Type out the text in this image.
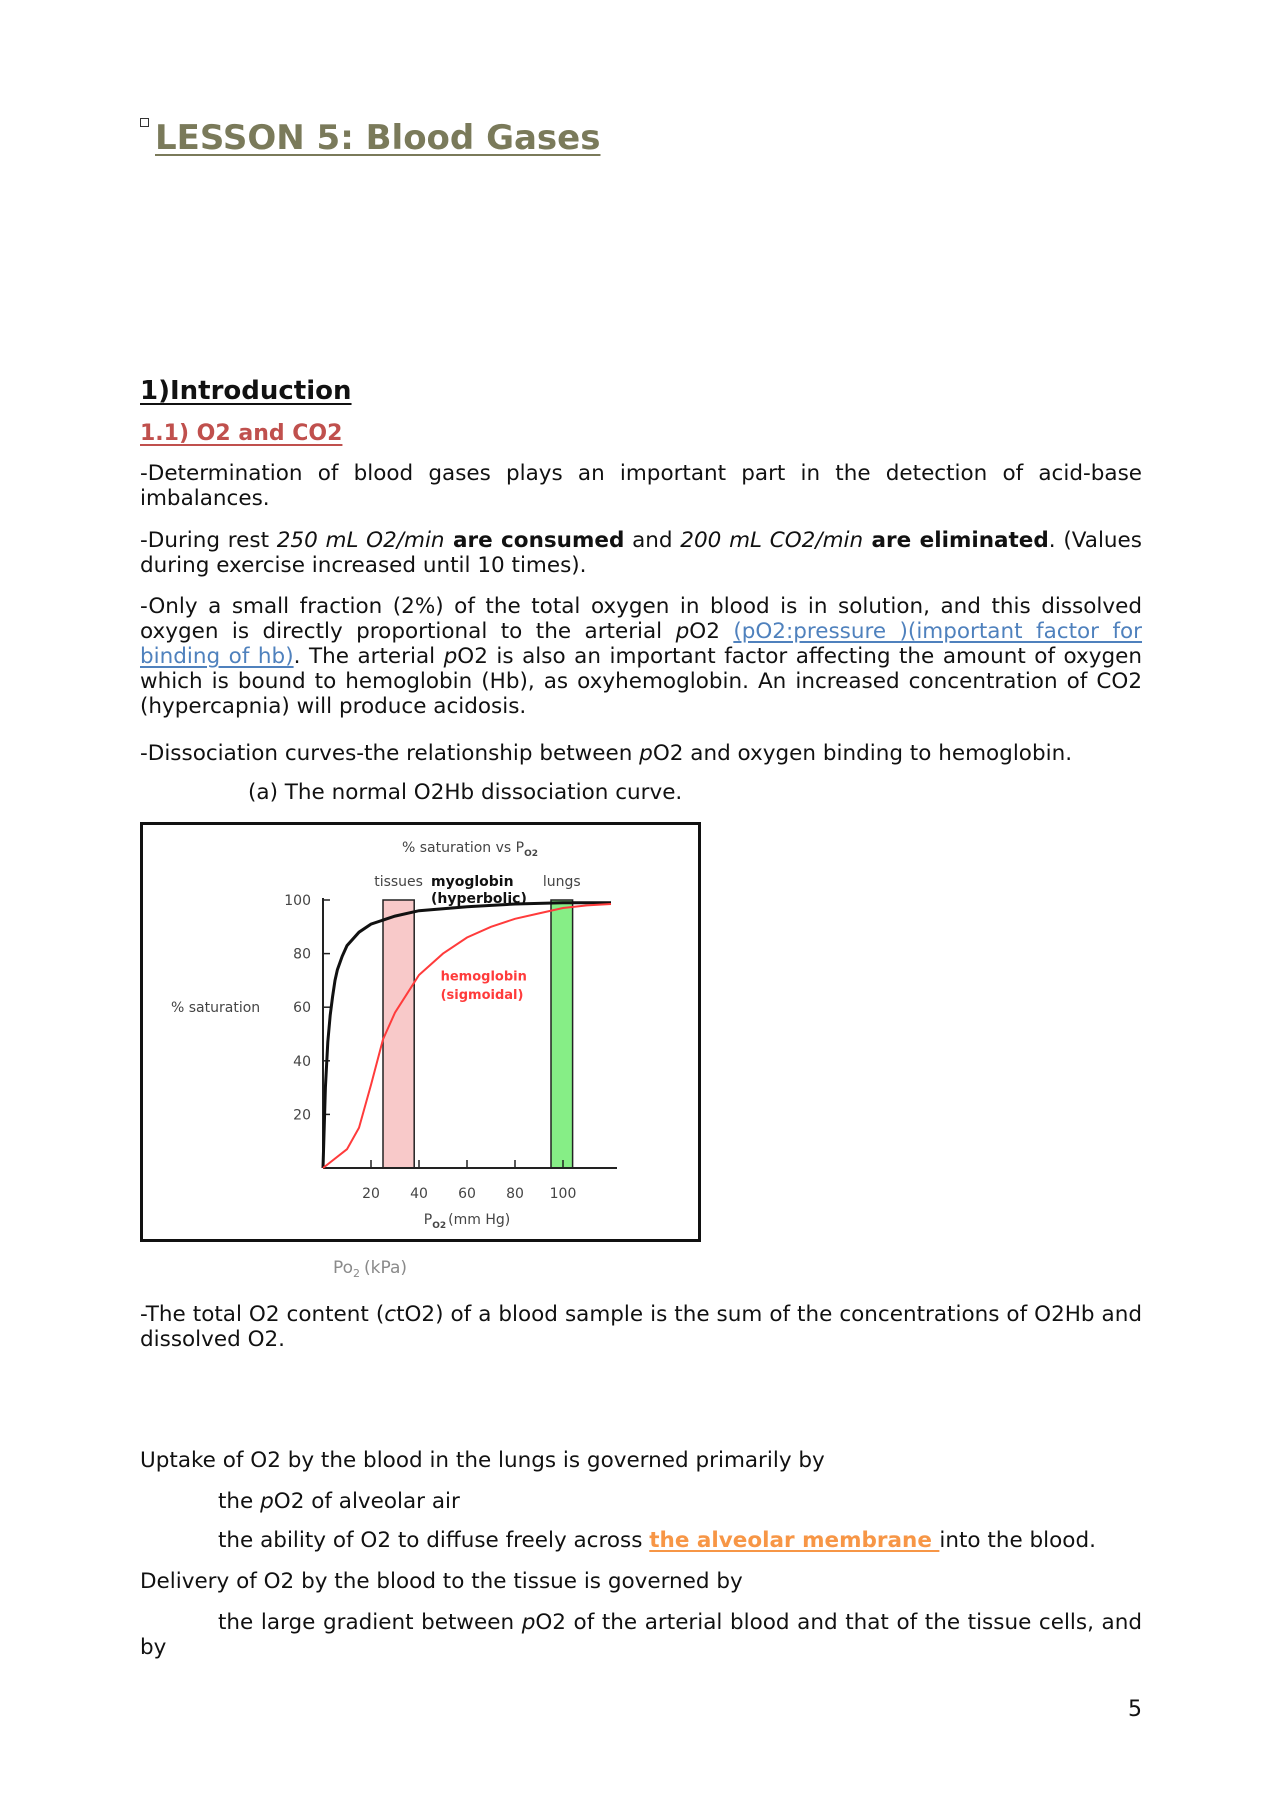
LESSON 5: Blood Gases
1)Introduction
1.1) O2 and CO2
-Determination of blood gases plays an important part in the detection of acid-base imbalances.
-During rest 250 mL O2/min are consumed and 200 mL CO2/min are eliminated. (Values during exercise increased until 10 times).
-Only a small fraction (2%) of the total oxygen in blood is in solution, and this dissolved oxygen is directly proportional to the arterial pO2 (pO2:pressure )(important factor for binding of hb). The arterial pO2 is also an important factor affecting the amount of oxygen which is bound to hemoglobin (Hb), as oxyhemoglobin. An increased concentration of CO2 (hypercapnia) will produce acidosis.
-Dissociation curves-the relationship between pO2 and oxygen binding to hemoglobin.
(a) The normal O2Hb dissociation curve.
tissues	lungs
20 40 60 80 100
20
40
60
80
100
myoglobin
(hyperbolic)
hemoglobin
(sigmoidal)
% saturation vs $P_{O2}$
% saturation
$P_{O2}$ (mm Hg)
$Po_2$ (kPa)
-The total O2 content (ctO2) of a blood sample is the sum of the concentrations of O2Hb and dissolved O2.
Uptake of O2 by the blood in the lungs is governed primarily by
the pO2 of alveolar air
the ability of O2 to diffuse freely across the alveolar membrane into the blood.
Delivery of O2 by the blood to the tissue is governed by
the large gradient between pO2 of the arterial blood and that of the tissue cells, and by
5
